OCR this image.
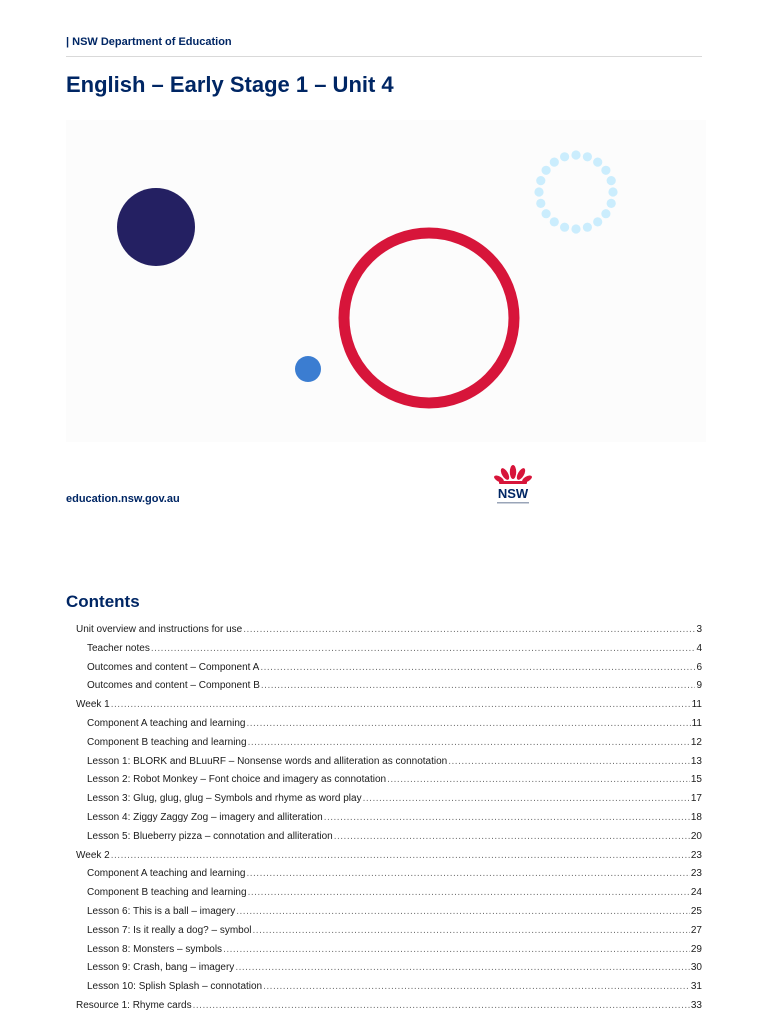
| NSW Department of Education
English – Early Stage 1 – Unit 4
education.nsw.gov.au	NSW
Contents
Unit overview and instructions for use .....	3
Teacher notes .....	4
Outcomes and content – Component A .....	6
Outcomes and content – Component B .....	9
Week 1 .....	11
Component A teaching and learning .....	11
Component B teaching and learning .....	12
Lesson 1: BLORK and BLuuRF – Nonsense words and alliteration as connotation .....	13
Lesson 2: Robot Monkey – Font choice and imagery as connotation .....	15
Lesson 3: Glug, glug, glug – Symbols and rhyme as word play .....	17
Lesson 4: Ziggy Zaggy Zog – imagery and alliteration .....	18
Lesson 5: Blueberry pizza – connotation and alliteration .....	20
Week 2 .....	23
Component A teaching and learning .....	23
Component B teaching and learning .....	24
Lesson 6: This is a ball – imagery .....	25
Lesson 7: Is it really a dog? – symbol .....	27
Lesson 8: Monsters – symbols .....	29
Lesson 9: Crash, bang – imagery .....	30
Lesson 10: Splish Splash – connotation .....	31
Resource 1: Rhyme cards .....	33
